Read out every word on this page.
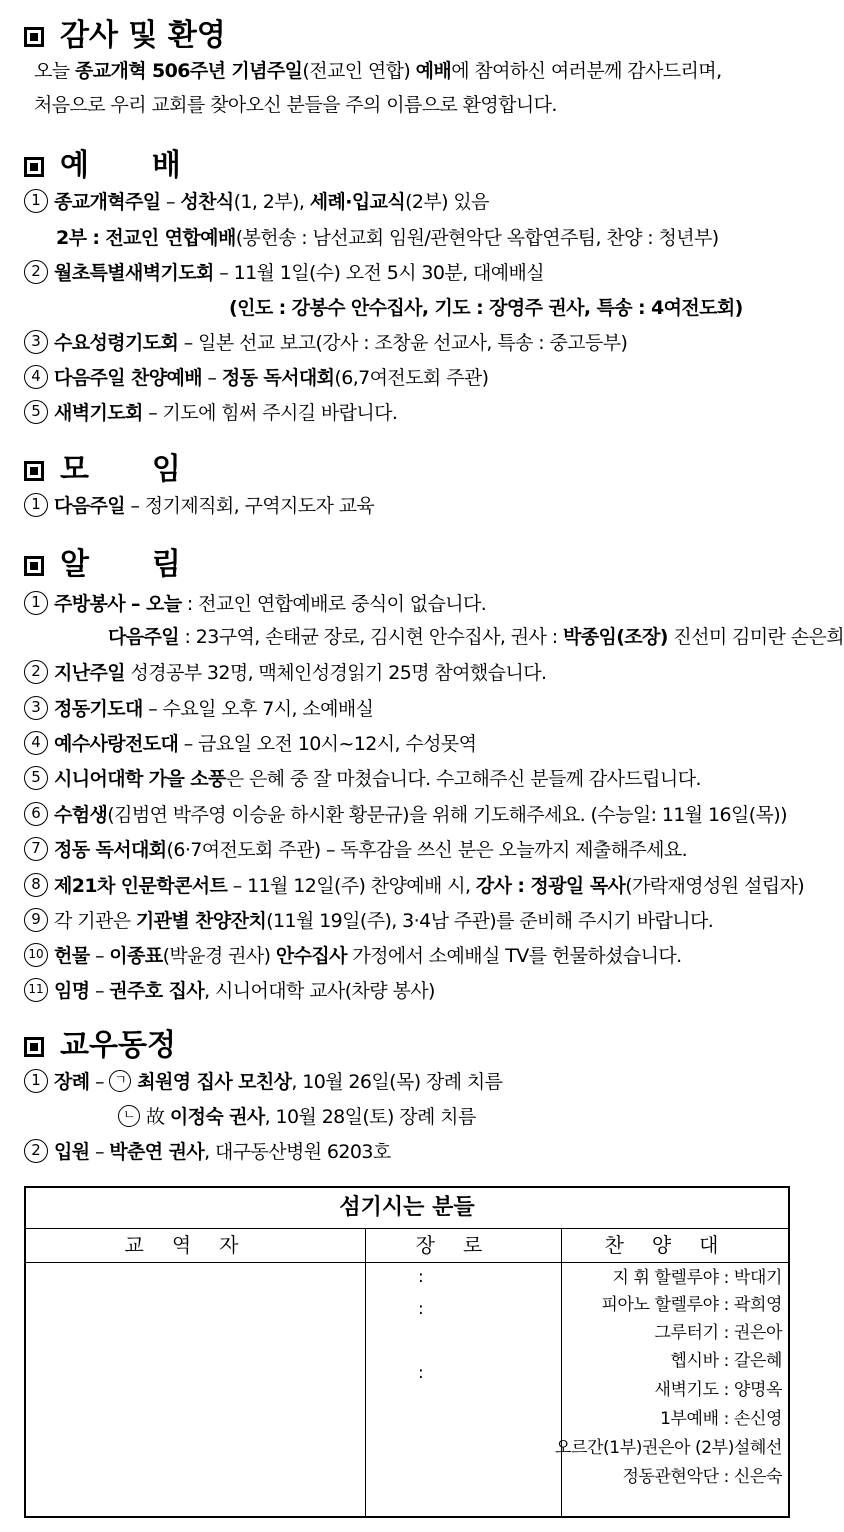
감사 및 환영
오늘 종교개혁 506주년 기념주일(전교인 연합) 예배에 참여하신 여러분께 감사드리며,
처음으로 우리 교회를 찾아오신 분들을 주의 이름으로 환영합니다.
예  배
1 종교개혁주일 – 성찬식(1, 2부), 세례·입교식(2부) 있음
2부 : 전교인 연합예배(봉헌송 : 남선교회 임원/관현악단 옥합연주팀, 찬양 : 청년부)
2 월초특별새벽기도회 – 11월 1일(수) 오전 5시 30분, 대예배실
(인도 : 강봉수 안수집사, 기도 : 장영주 권사, 특송 : 4여전도회)
3 수요성령기도회 – 일본 선교 보고(강사 : 조창윤 선교사, 특송 : 중고등부)
4 다음주일 찬양예배 – 정동 독서대회(6,7여전도회 주관)
5 새벽기도회 – 기도에 힘써 주시길 바랍니다.
모  임
1 다음주일 – 정기제직회, 구역지도자 교육
알  림
1 주방봉사 – 오늘 : 전교인 연합예배로 중식이 없습니다.
다음주일 : 23구역, 손태균 장로, 김시현 안수집사, 권사 : 박종임(조장) 진선미 김미란 손은희
2 지난주일 성경공부 32명, 맥체인성경읽기 25명 참여했습니다.
3 정동기도대 – 수요일 오후 7시, 소예배실
4 예수사랑전도대 – 금요일 오전 10시~12시, 수성못역
5 시니어대학 가을 소풍은 은혜 중 잘 마쳤습니다. 수고해주신 분들께 감사드립니다.
6 수험생(김범연 박주영 이승윤 하시환 황문규)을 위해 기도해주세요. (수능일: 11월 16일(목))
7 정동 독서대회(6·7여전도회 주관) – 독후감을 쓰신 분은 오늘까지 제출해주세요.
8 제21차 인문학콘서트 – 11월 12일(주) 찬양예배 시, 강사 : 정광일 목사(가락재영성원 설립자)
9 각 기관은 기관별 찬양잔치(11월 19일(주), 3·4남 주관)를 준비해 주시기 바랍니다.
10 헌물 – 이종표(박윤경 권사) 안수집사 가정에서 소예배실 TV를 헌물하셨습니다.
11 임명 – 권주호 집사, 시니어대학 교사(차량 봉사)
교우동정
1 장례 – ㄱ 최원영 집사 모친상, 10월 26일(목) 장례 치름
ㄴ 故 이정숙 권사, 10월 28일(토) 장례 치름
2 입원 – 박춘연 권사, 대구동산병원 6203호
섬기시는 분들
교역자	장로	찬양대
:
:
:
지 휘 할렐루야 : 박대기
피아노 할렐루야 : 곽희영
그루터기 : 권은아
헵시바 : 갈은혜
새벽기도 : 양명옥
1부예배 : 손신영
오르간(1부)권은아 (2부)설혜선
정동관현악단 : 신은숙
